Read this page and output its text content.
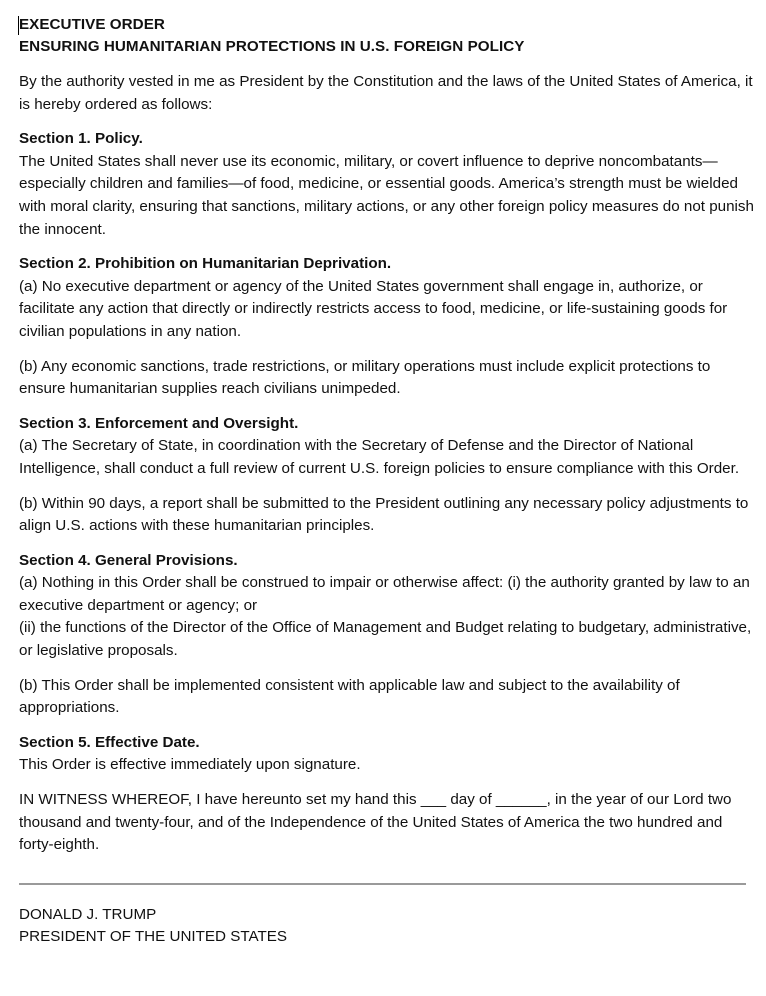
EXECUTIVE ORDER
ENSURING HUMANITARIAN PROTECTIONS IN U.S. FOREIGN POLICY

By the authority vested in me as President by the Constitution and the laws of the United States of America, it is hereby ordered as follows:

Section 1. Policy.

The United States shall never use its economic, military, or covert influence to deprive noncombatants—especially children and families—of food, medicine, or essential goods. America’s strength must be wielded with moral clarity, ensuring that sanctions, military actions, or any other foreign policy measures do not punish the innocent.

Section 2. Prohibition on Humanitarian Deprivation.

(a) No executive department or agency of the United States government shall engage in, authorize, or facilitate any action that directly or indirectly restricts access to food, medicine, or life-sustaining goods for civilian populations in any nation.

(b) Any economic sanctions, trade restrictions, or military operations must include explicit protections to ensure humanitarian supplies reach civilians unimpeded.

Section 3. Enforcement and Oversight.

(a) The Secretary of State, in coordination with the Secretary of Defense and the Director of National Intelligence, shall conduct a full review of current U.S. foreign policies to ensure compliance with this Order.

(b) Within 90 days, a report shall be submitted to the President outlining any necessary policy adjustments to align U.S. actions with these humanitarian principles.

Section 4. General Provisions.

(a) Nothing in this Order shall be construed to impair or otherwise affect: (i) the authority granted by law to an executive department or agency; or

(ii) the functions of the Director of the Office of Management and Budget relating to budgetary, administrative, or legislative proposals.

(b) This Order shall be implemented consistent with applicable law and subject to the availability of appropriations.

Section 5. Effective Date.

This Order is effective immediately upon signature.

IN WITNESS WHEREOF, I have hereunto set my hand this ___ day of ______, in the year of our Lord two thousand and twenty-four, and of the Independence of the United States of America the two hundred and forty-eighth.

DONALD J. TRUMP

PRESIDENT OF THE UNITED STATES
